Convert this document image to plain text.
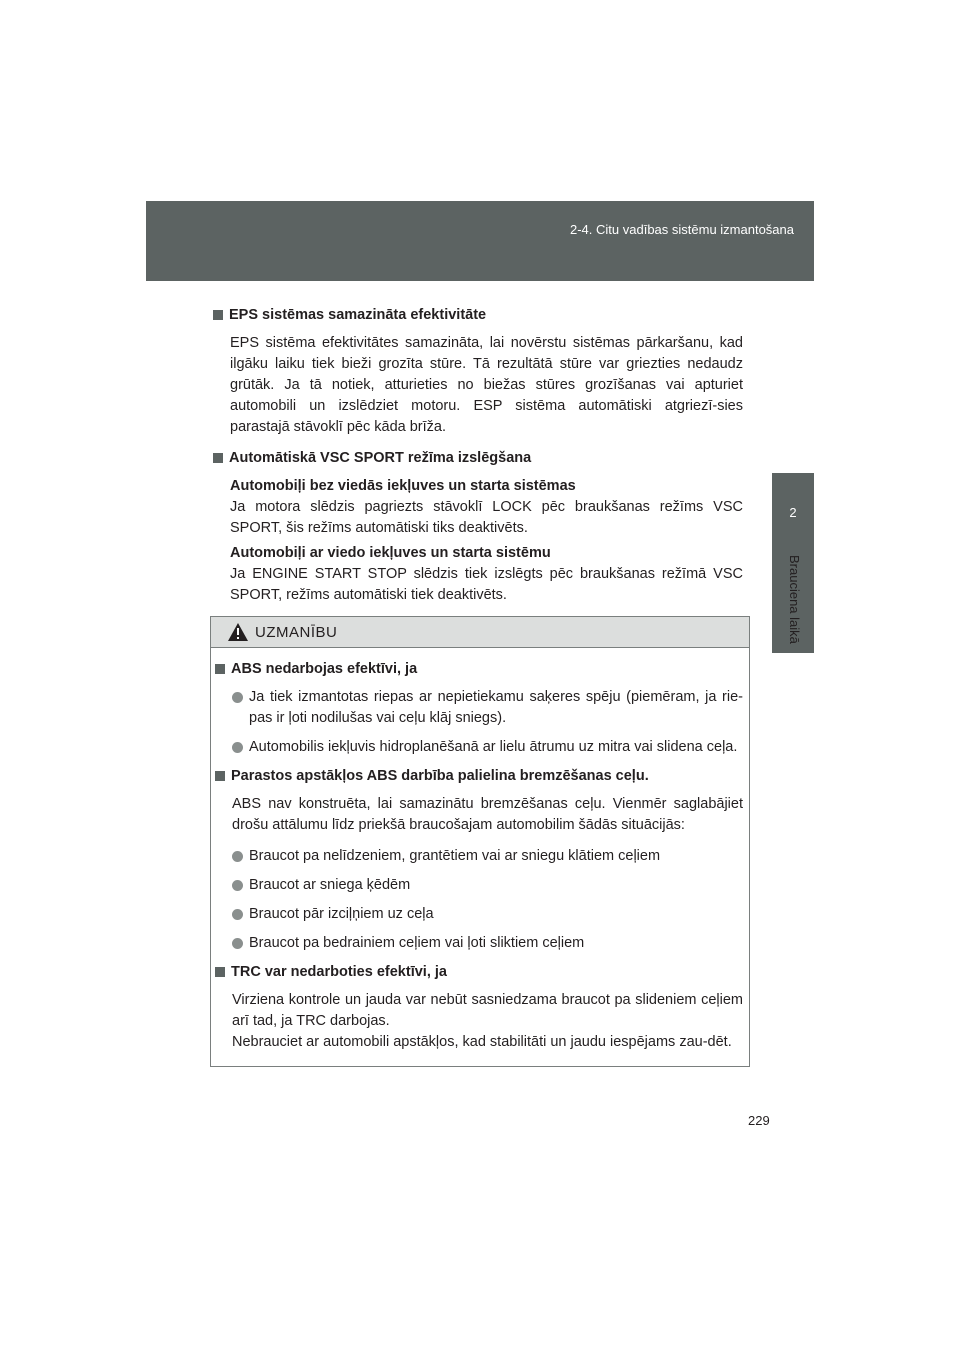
2-4. Citu vadības sistēmu izmantošana
2
Brauciena laikā
EPS sistēmas samazināta efektivitāte

EPS sistēma efektivitātes samazināta, lai novērstu sistēmas pārkaršanu, kad ilgāku laiku tiek bieži grozīta stūre. Tā rezultātā stūre var griezties nedaudz grūtāk. Ja tā notiek, atturieties no biežas stūres grozīšanas vai apturiet automobili un izslēdziet motoru. ESP sistēma automātiski atgriezī-sies parastajā stāvoklī pēc kāda brīža.

Automātiskā VSC SPORT režīma izslēgšana

Automobiļi bez viedās iekļuves un starta sistēmas
Ja motora slēdzis pagriezts stāvoklī LOCK pēc braukšanas režīms VSC SPORT, šis režīms automātiski tiks deaktivēts.

Automobiļi ar viedo iekļuves un starta sistēmu
Ja ENGINE START STOP slēdzis tiek izslēgts pēc braukšanas režīmā VSC SPORT, režīms automātiski tiek deaktivēts.

UZMANĪBU
ABS nedarbojas efektīvi, ja
Ja tiek izmantotas riepas ar nepietiekamu saķeres spēju (piemēram, ja rie-pas ir ļoti nodilušas vai ceļu klāj sniegs).
Automobilis iekļuvis hidroplanēšanā ar lielu ātrumu uz mitra vai slidena ceļa.
Parastos apstākļos ABS darbība palielina bremzēšanas ceļu.

ABS nav konstruēta, lai samazinātu bremzēšanas ceļu. Vienmēr saglabājiet drošu attālumu līdz priekšā braucošajam automobilim šādās situācijās:

Braucot pa nelīdzeniem, grantētiem vai ar sniegu klātiem ceļiem
Braucot ar sniega ķēdēm
Braucot pār izciļņiem uz ceļa
Braucot pa bedrainiem ceļiem vai ļoti sliktiem ceļiem
TRC var nedarboties efektīvi, ja

Virziena kontrole un jauda var nebūt sasniedzama braucot pa slideniem ceļiem arī tad, ja TRC darbojas.
Nebrauciet ar automobili apstākļos, kad stabilitāti un jaudu iespējams zau-dēt.

229
